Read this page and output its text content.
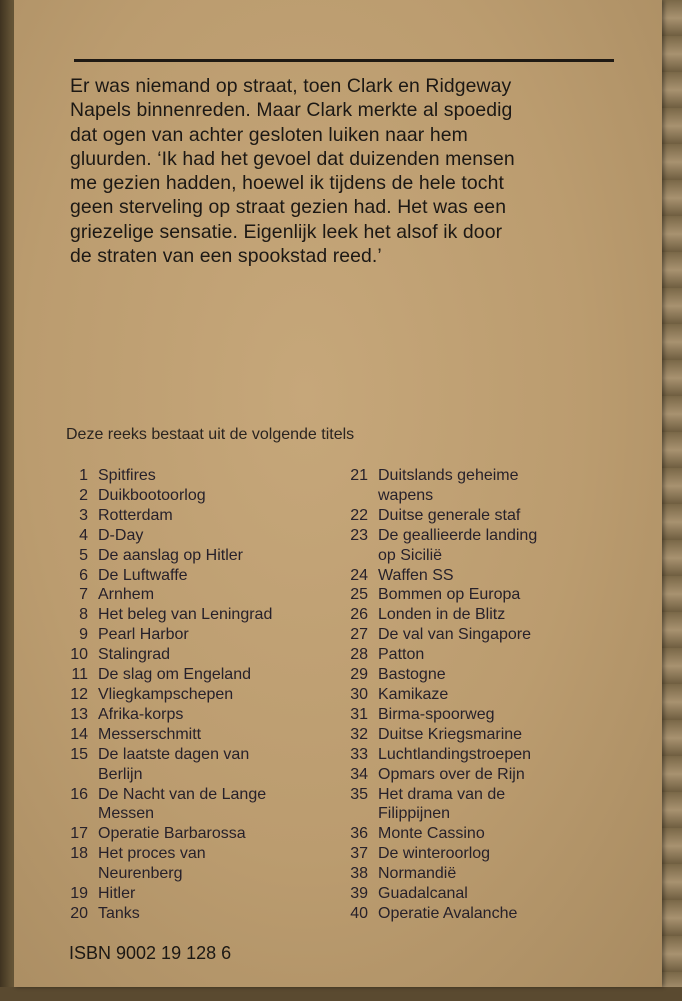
Er was niemand op straat, toen Clark en Ridgeway
Napels binnenreden. Maar Clark merkte al spoedig
dat ogen van achter gesloten luiken naar hem
gluurden. ‘Ik had het gevoel dat duizenden mensen
me gezien hadden, hoewel ik tijdens de hele tocht
geen sterveling op straat gezien had. Het was een
griezelige sensatie. Eigenlijk leek het alsof ik door
de straten van een spookstad reed.’
Deze reeks bestaat uit de volgende titels
1 Spitfires
2 Duikbootoorlog
3 Rotterdam
4 D-Day
5 De aanslag op Hitler
6 De Luftwaffe
7 Arnhem
8 Het beleg van Leningrad
9 Pearl Harbor
10 Stalingrad
11 De slag om Engeland
12 Vliegkampschepen
13 Afrika-korps
14 Messerschmitt
15 De laatste dagen van
Berlijn
16 De Nacht van de Lange
Messen
17 Operatie Barbarossa
18 Het proces van
Neurenberg
19 Hitler
20 Tanks
21 Duitslands geheime
wapens
22 Duitse generale staf
23 De geallieerde landing
op Sicilië
24 Waffen SS
25 Bommen op Europa
26 Londen in de Blitz
27 De val van Singapore
28 Patton
29 Bastogne
30 Kamikaze
31 Birma-spoorweg
32 Duitse Kriegsmarine
33 Luchtlandingstroepen
34 Opmars over de Rijn
35 Het drama van de
Filippijnen
36 Monte Cassino
37 De winteroorlog
38 Normandië
39 Guadalcanal
40 Operatie Avalanche
ISBN 9002 19 128 6
